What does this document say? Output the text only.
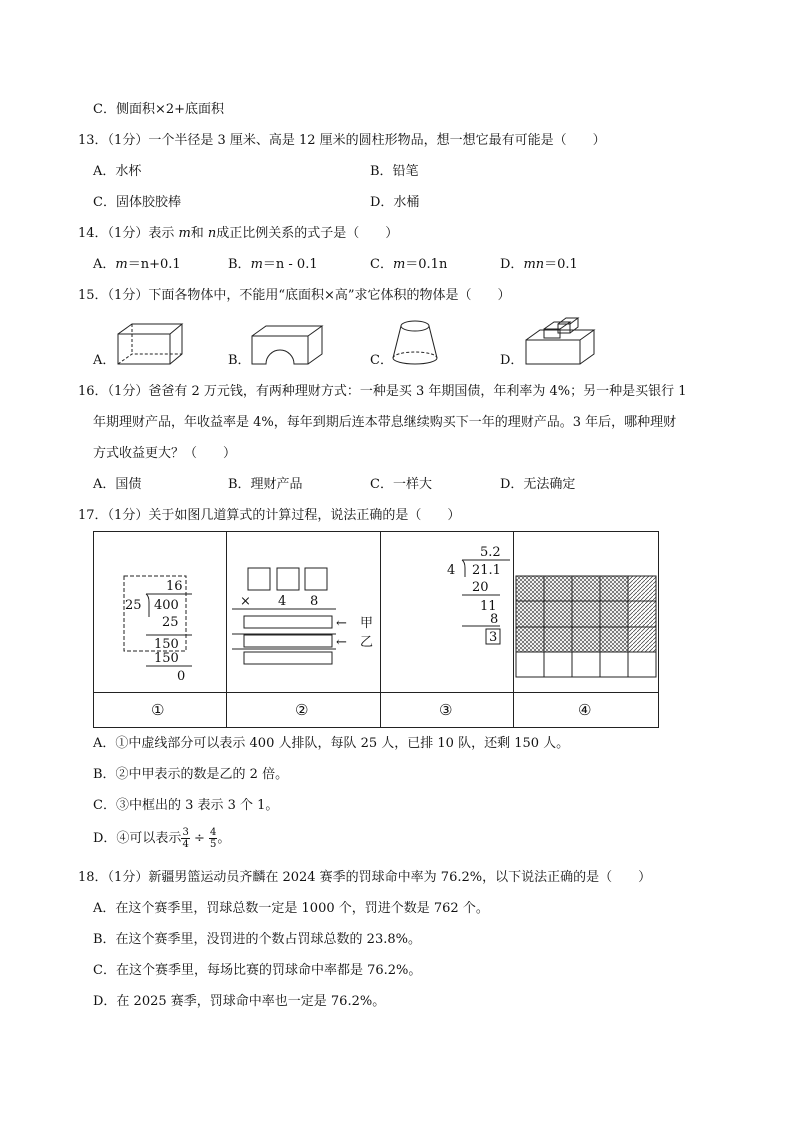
C．侧面积×2+底面积
13．（1分）一个半径是 3 厘米、高是 12 厘米的圆柱形物品，想一想它最有可能是（　　）
A．水杯	B．铅笔
C．固体胶胶棒	D．水桶
14．（1分）表示 m和 n成正比例关系的式子是（　　）
A．m＝n+0.1	B．m＝n - 0.1	C．m＝0.1n	D．mn＝0.1
15．（1分）下面各物体中，不能用“底面积×高”求它体积的物体是（　　）
A．	B．	C．	D．
16．（1分）爸爸有 2 万元钱，有两种理财方式：一种是买 3 年期国债，年利率为 4%；另一种是买银行 1
年期理财产品，年收益率是 4%，每年到期后连本带息继续购买下一年的理财产品。3 年后，哪种理财
方式收益更大？（　　）
A．国债	B．理财产品	C．一样大	D．无法确定
17．（1分）关于如图几道算式的计算过程，说法正确的是（　　）
16
25 400
25
150
150
0
× 4 8
←
←
甲
乙
5.2
4 21.1
20
11
8
3
①	②	③	④
A．①中虚线部分可以表示 400 人排队，每队 25 人，已排 10 队，还剩 150 人。
B．②中甲表示的数是乙的 2 倍。
C．③中框出的 3 表示 3 个 1。
D．④可以表示 $\frac{3}{4} \div \frac{4}{5}$ 。
18．（1分）新疆男篮运动员齐麟在 2024 赛季的罚球命中率为 76.2%，以下说法正确的是（　　）
A．在这个赛季里，罚球总数一定是 1000 个，罚进个数是 762 个。
B．在这个赛季里，没罚进的个数占罚球总数的 23.8%。
C．在这个赛季里，每场比赛的罚球命中率都是 76.2%。
D．在 2025 赛季，罚球命中率也一定是 76.2%。
